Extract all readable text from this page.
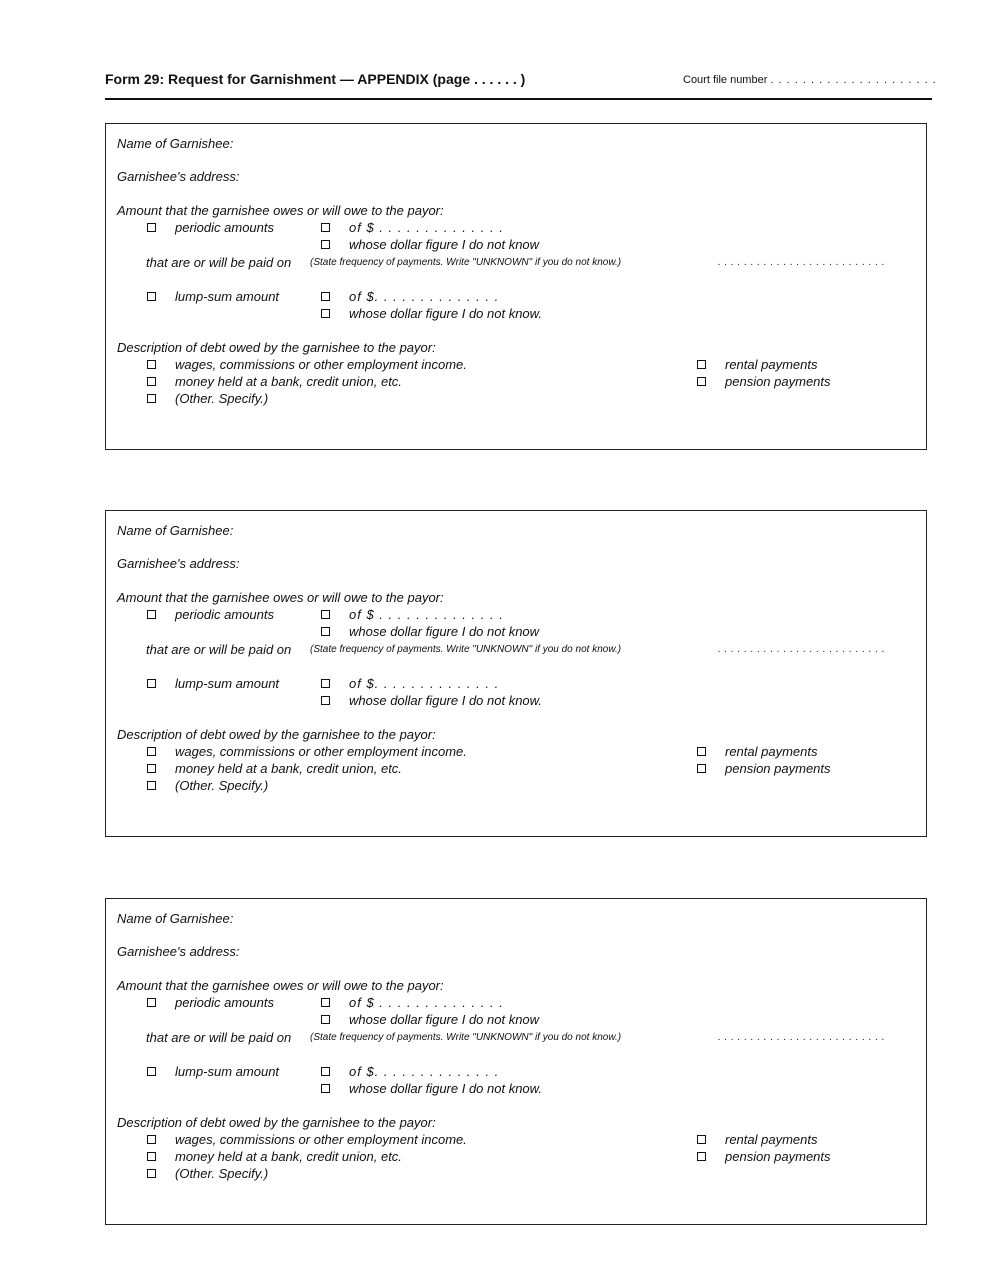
Form 29: Request for Garnishment — APPENDIX (page . . . . . . )	Court file number . . . . . . . . . . . . . . . . . . . . .
Name of Garnishee:
Garnishee's address:
Amount that the garnishee owes or will owe to the payor:
periodic amounts	of $ . . . . . . . . . . . . . .
whose dollar figure I do not know
that are or will be paid on (State frequency of payments. Write "UNKNOWN" if you do not know.)	. . . . . . . . . . . . . . . . . . . . . . . . . .
lump-sum amount	of $. . . . . . . . . . . . . .
whose dollar figure I do not know.
Description of debt owed by the garnishee to the payor:
wages, commissions or other employment income.
money held at a bank, credit union, etc.
(Other. Specify.)
rental payments
pension payments
Name of Garnishee:
Garnishee's address:
Amount that the garnishee owes or will owe to the payor:
periodic amounts	of $ . . . . . . . . . . . . . .
whose dollar figure I do not know
that are or will be paid on (State frequency of payments. Write "UNKNOWN" if you do not know.)	. . . . . . . . . . . . . . . . . . . . . . . . . .
lump-sum amount	of $. . . . . . . . . . . . . .
whose dollar figure I do not know.
Description of debt owed by the garnishee to the payor:
wages, commissions or other employment income.
money held at a bank, credit union, etc.
(Other. Specify.)
rental payments
pension payments
Name of Garnishee:
Garnishee's address:
Amount that the garnishee owes or will owe to the payor:
periodic amounts	of $ . . . . . . . . . . . . . .
whose dollar figure I do not know
that are or will be paid on (State frequency of payments. Write "UNKNOWN" if you do not know.)	. . . . . . . . . . . . . . . . . . . . . . . . . .
lump-sum amount	of $. . . . . . . . . . . . . .
whose dollar figure I do not know.
Description of debt owed by the garnishee to the payor:
wages, commissions or other employment income.
money held at a bank, credit union, etc.
(Other. Specify.)
rental payments
pension payments
